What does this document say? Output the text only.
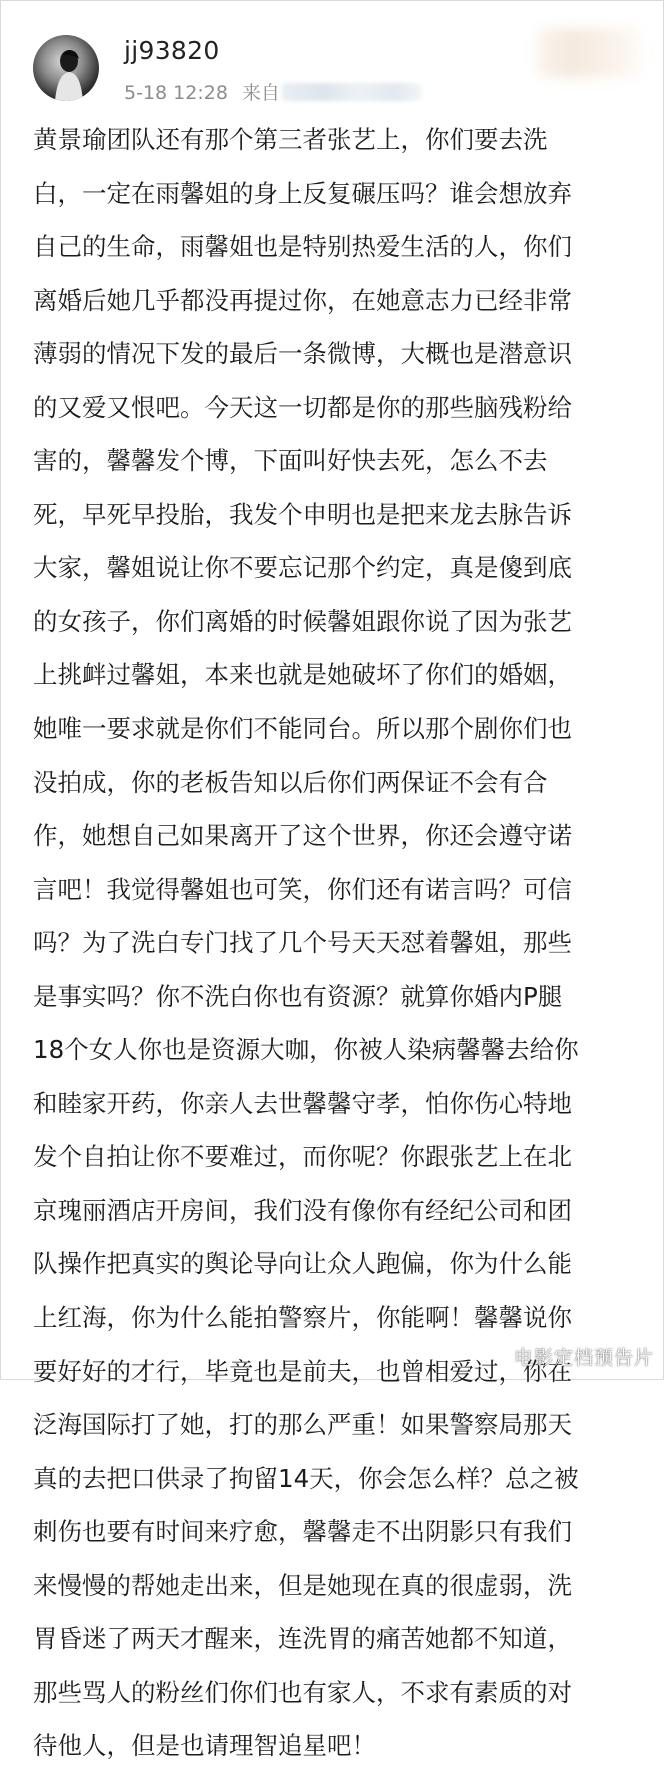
jj93820
5-18 12:28 来自
黄景瑜团队还有那个第三者张艺上，你们要去洗
白，一定在雨馨姐的身上反复碾压吗？谁会想放弃
自己的生命，雨馨姐也是特别热爱生活的人，你们
离婚后她几乎都没再提过你，在她意志力已经非常
薄弱的情况下发的最后一条微博，大概也是潜意识
的又爱又恨吧。今天这一切都是你的那些脑残粉给
害的，馨馨发个博，下面叫好快去死，怎么不去
死，早死早投胎，我发个申明也是把来龙去脉告诉
大家，馨姐说让你不要忘记那个约定，真是傻到底
的女孩子，你们离婚的时候馨姐跟你说了因为张艺
上挑衅过馨姐，本来也就是她破坏了你们的婚姻，
她唯一要求就是你们不能同台。所以那个剧你们也
没拍成，你的老板告知以后你们两保证不会有合
作，她想自己如果离开了这个世界，你还会遵守诺
言吧！我觉得馨姐也可笑，你们还有诺言吗？可信
吗？为了洗白专门找了几个号天天怼着馨姐，那些
是事实吗？你不洗白你也有资源？就算你婚内P腿
18个女人你也是资源大咖，你被人染病馨馨去给你
和睦家开药，你亲人去世馨馨守孝，怕你伤心特地
发个自拍让你不要难过，而你呢？你跟张艺上在北
京瑰丽酒店开房间，我们没有像你有经纪公司和团
队操作把真实的舆论导向让众人跑偏，你为什么能
上红海，你为什么能拍警察片，你能啊！馨馨说你
要好好的才行，毕竟也是前夫，也曾相爱过，你在
泛海国际打了她，打的那么严重！如果警察局那天
真的去把口供录了拘留14天，你会怎么样？总之被
刺伤也要有时间来疗愈，馨馨走不出阴影只有我们
来慢慢的帮她走出来，但是她现在真的很虚弱，洗
胃昏迷了两天才醒来，连洗胃的痛苦她都不知道，
那些骂人的粉丝们你们也有家人，不求有素质的对
待他人，但是也请理智追星吧！
电影定档预告片
